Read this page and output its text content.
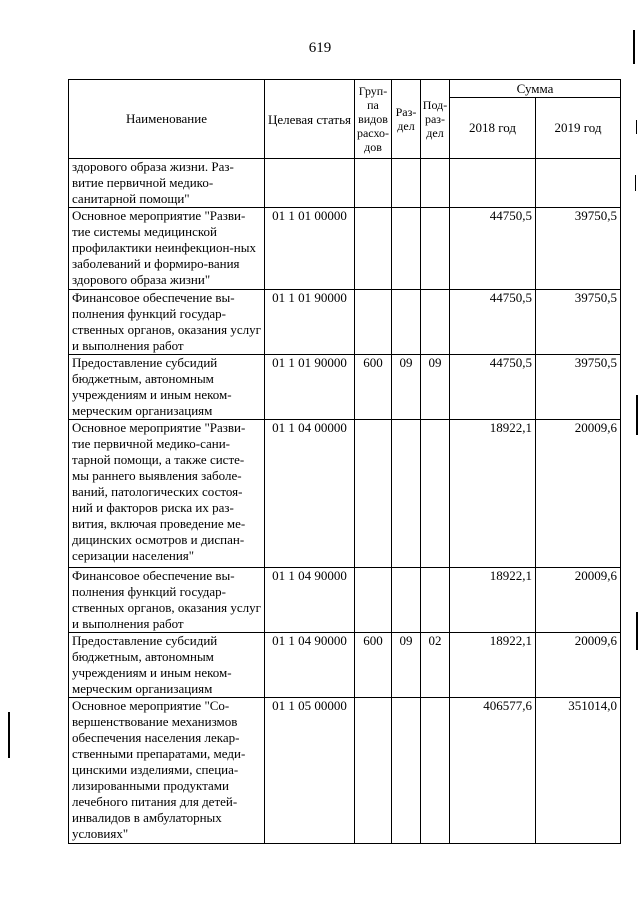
619
Наименование	Целевая статья	Груп-па видов расхо-дов	Раз-дел	Под-раз-дел	Сумма	
					2018 год	2019 год
здорового образа жизни. Раз-витие первичной медико-санитарной помощи"						
Основное мероприятие "Разви-тие системы медицинской профилактики неинфекцион-ных заболеваний и формиро-вания здорового образа жизни"	01 1 01 00000				44750,5	39750,5
Финансовое обеспечение вы-полнения функций государ-ственных органов, оказания услуг и выполнения работ	01 1 01 90000				44750,5	39750,5
Предоставление субсидий бюджетным, автономным учреждениям и иным неком-мерческим организациям	01 1 01 90000	600	09	09	44750,5	39750,5
Основное мероприятие "Разви-тие первичной медико-сани-тарной помощи, а также систе-мы раннего выявления заболе-ваний, патологических состоя-ний и факторов риска их раз-вития, включая проведение ме-дицинских осмотров и диспан-серизации населения"	01 1 04 00000				18922,1	20009,6
Финансовое обеспечение вы-полнения функций государ-ственных органов, оказания услуг и выполнения работ	01 1 04 90000				18922,1	20009,6
Предоставление субсидий бюджетным, автономным учреждениям и иным неком-мерческим организациям	01 1 04 90000	600	09	02	18922,1	20009,6
Основное мероприятие "Со-вершенствование механизмов обеспечения населения лекар-ственными препаратами, меди-цинскими изделиями, специа-лизированными продуктами лечебного питания для детей-инвалидов в амбулаторных условиях"	01 1 05 00000				406577,6	351014,0
